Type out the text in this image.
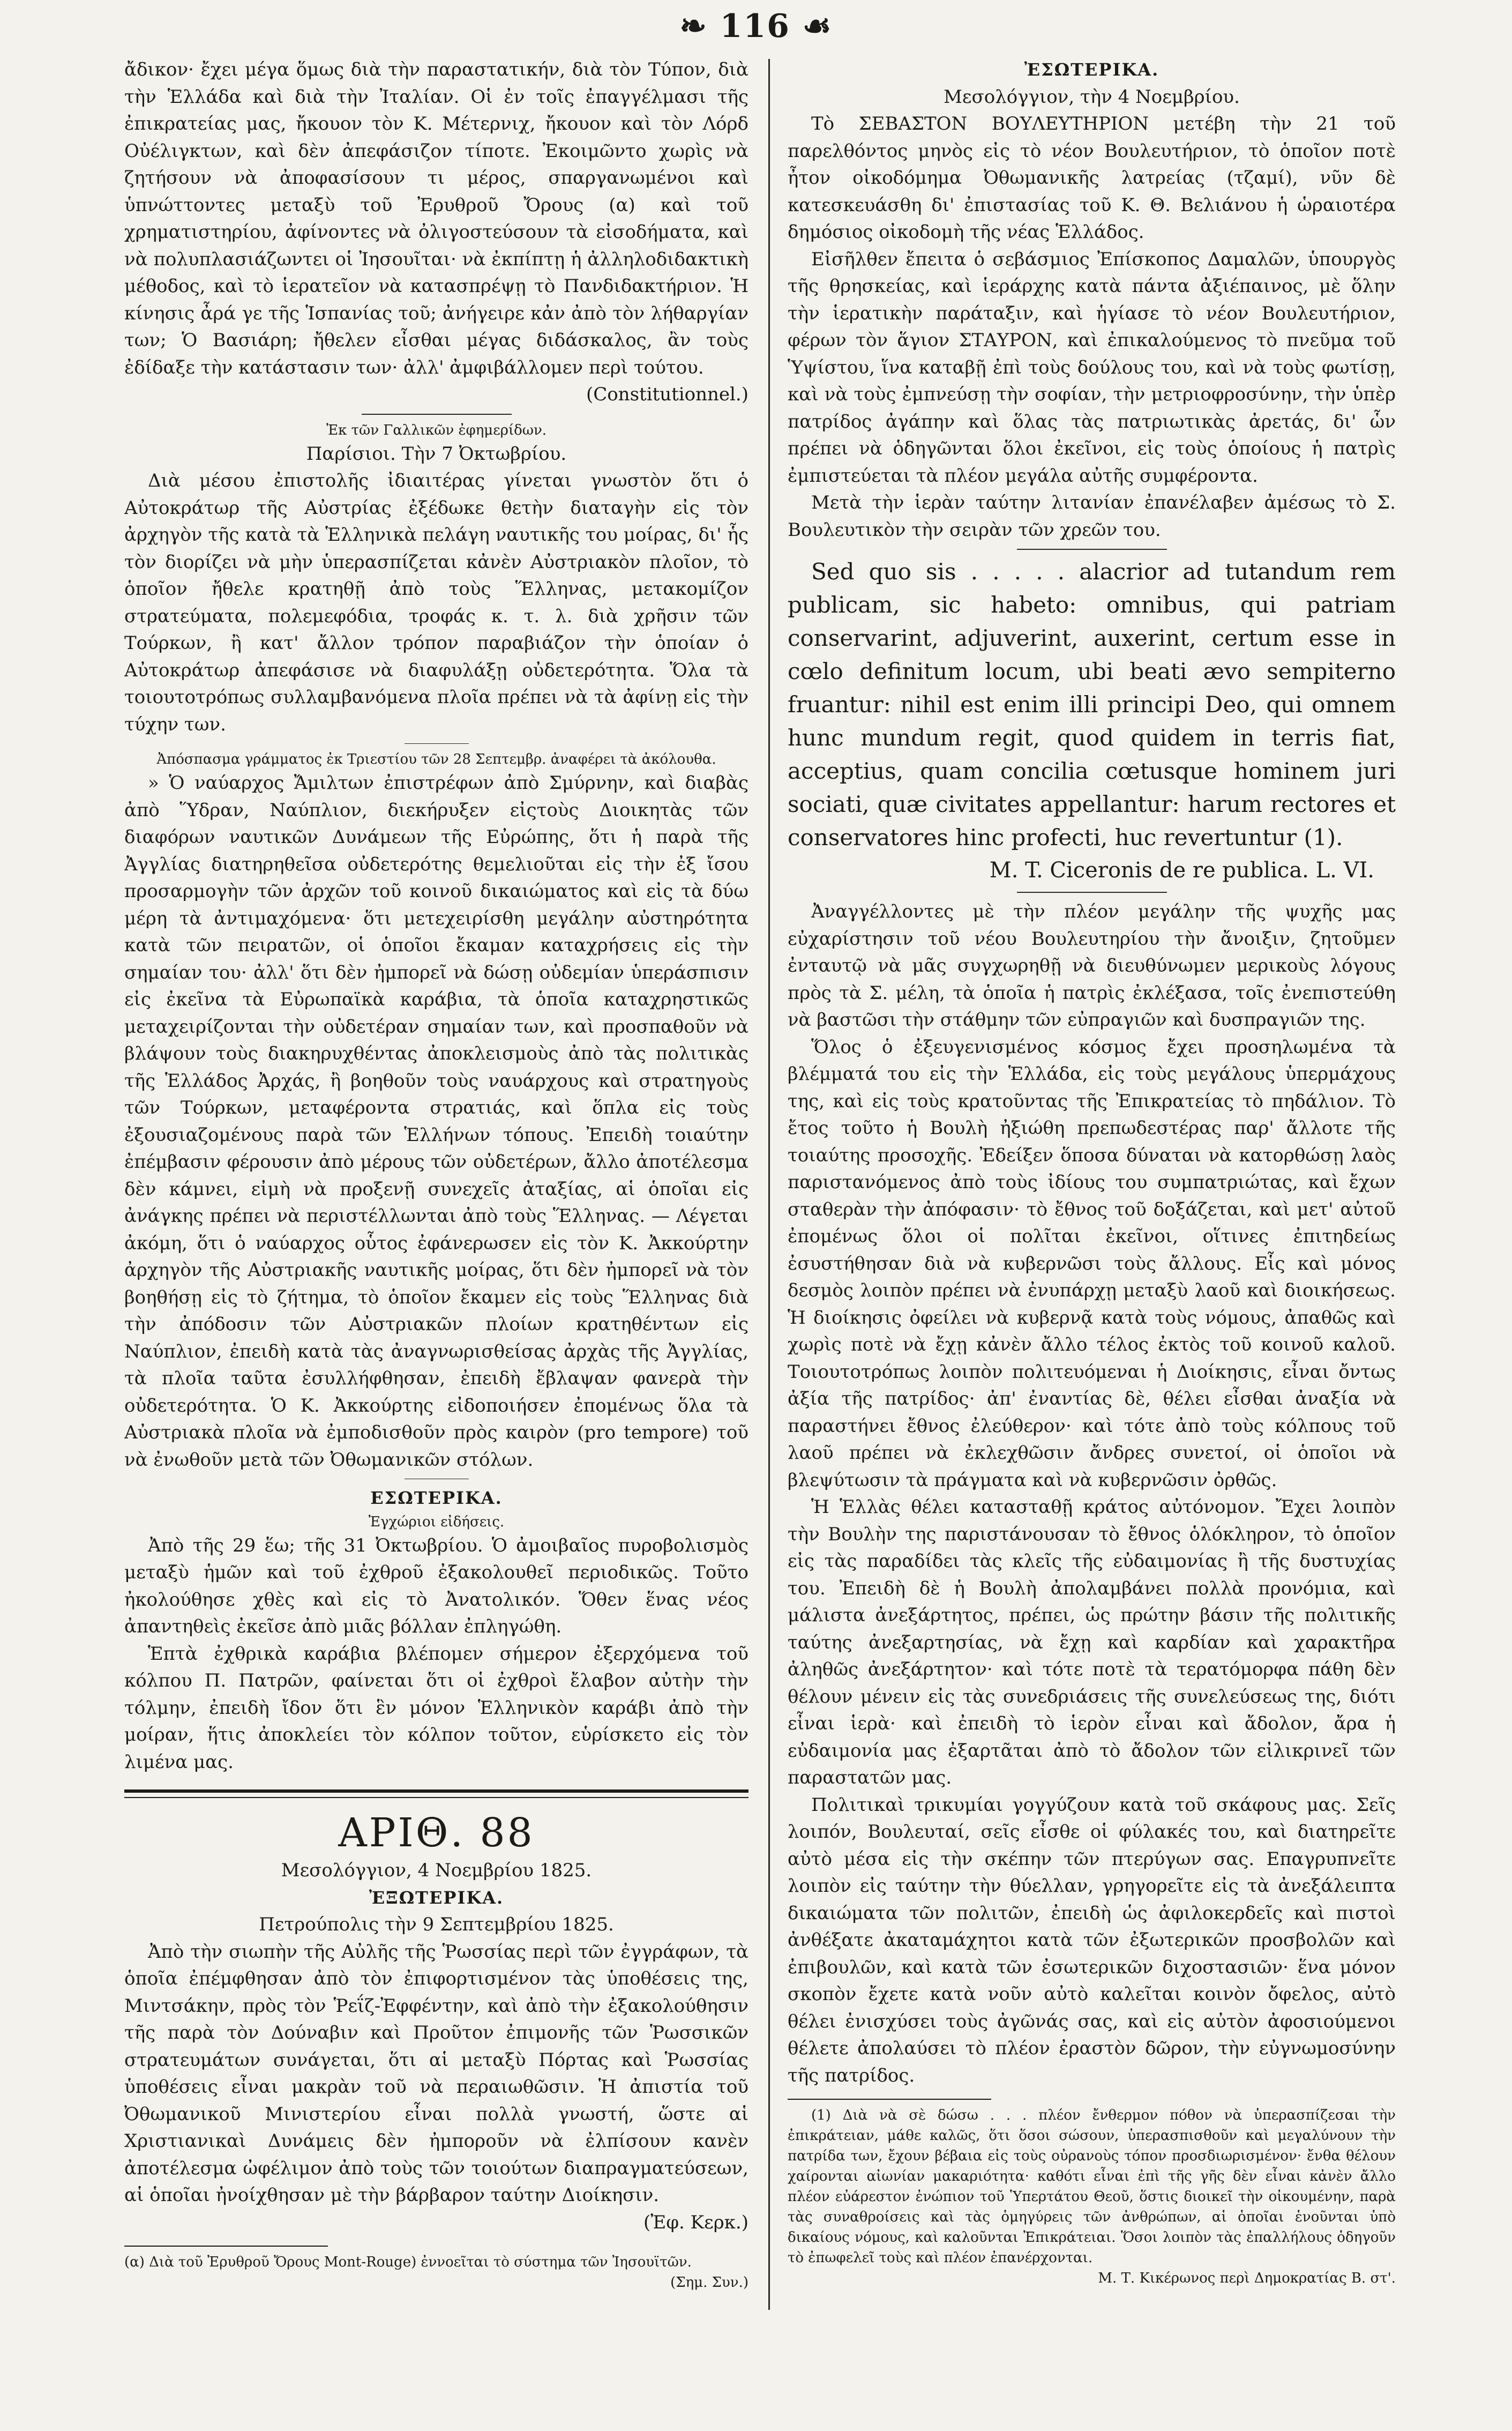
❧ 116 ☙

ἄδικον· ἔχει μέγα ὅμως διὰ τὴν παραστατικήν, διὰ τὸν Τύπον, διὰ τὴν Ἑλλάδα καὶ διὰ τὴν Ἰταλίαν. Οἱ ἐν τοῖς ἐπαγγέλμασι τῆς ἐπικρατείας μας, ἤκουον τὸν Κ. Μέτερνιχ, ἤκουον καὶ τὸν Λόρδ Οὐέλιγκτων, καὶ δὲν ἀπεφάσιζον τίποτε. Ἐκοιμῶντο χωρὶς νὰ ζητήσουν νὰ ἀποφασίσουν τι μέρος, σπαργανωμένοι καὶ ὑπνώττοντες μεταξὺ τοῦ Ἐρυθροῦ Ὄρους (α) καὶ τοῦ χρηματιστηρίου, ἀφίνοντες νὰ ὀλιγοστεύσουν τὰ εἰσοδήματα, καὶ νὰ πολυπλασιάζωντει οἱ Ἰησουῖται· νὰ ἐκπίπτῃ ἡ ἀλληλοδιδακτικὴ μέθοδος, καὶ τὸ ἱερατεῖον νὰ κατασπρέψῃ τὸ Πανδιδακτήριον. Ἡ κίνησις ἆρά γε τῆς Ἱσπανίας τοῦ; ἀνήγειρε κἀν ἀπὸ τὸν λήθαργίαν των; Ὁ Βασιάρη; ἤθελεν εἶσθαι μέγας διδάσκαλος, ἂν τοὺς ἐδίδαξε τὴν κατάστασιν των· ἀλλ' ἀμφιβάλλομεν περὶ τούτου.

(Constitutionnel.)

Ἐκ τῶν Γαλλικῶν ἐφημερίδων.

Παρίσιοι. Τὴν 7 Ὀκτωβρίου.

Διὰ μέσου ἐπιστολῆς ἰδιαιτέρας γίνεται γνωστὸν ὅτι ὁ Αὐτοκράτωρ τῆς Αὐστρίας ἐξέδωκε θετὴν διαταγὴν εἰς τὸν ἀρχηγὸν τῆς κατὰ τὰ Ἑλληνικὰ πελάγη ναυτικῆς του μοίρας, δι' ἧς τὸν διορίζει νὰ μὴν ὑπερασπίζεται κἀνὲν Αὐστριακὸν πλοῖον, τὸ ὁποῖον ἤθελε κρατηθῇ ἀπὸ τοὺς Ἕλληνας, μετακομίζον στρατεύματα, πολεμεφόδια, τροφάς κ. τ. λ. διὰ χρῆσιν τῶν Τούρκων, ἢ κατ' ἄλλον τρόπον παραβιάζον τὴν ὁποίαν ὁ Αὐτοκράτωρ ἀπεφάσισε νὰ διαφυλάξῃ οὐδετερότητα. Ὅλα τὰ τοιουτοτρόπως συλλαμβανόμενα πλοῖα πρέπει νὰ τὰ ἀφίνῃ εἰς τὴν τύχην των.

Ἀπόσπασμα γράμματος ἐκ Τριεστίου τῶν 28 Σεπτεμβρ. ἀναφέρει τὰ ἀκόλουθα.

» Ὁ ναύαρχος Ἄμιλτων ἐπιστρέφων ἀπὸ Σμύρνην, καὶ διαβὰς ἀπὸ Ὕδραν, Ναύπλιον, διεκήρυξεν εἰςτοὺς Διοικητὰς τῶν διαφόρων ναυτικῶν Δυνάμεων τῆς Εὐρώπης, ὅτι ἡ παρὰ τῆς Ἀγγλίας διατηρηθεῖσα οὐδετερότης θεμελιοῦται εἰς τὴν ἐξ ἴσου προσαρμογὴν τῶν ἀρχῶν τοῦ κοινοῦ δικαιώματος καὶ εἰς τὰ δύω μέρη τὰ ἀντιμαχόμενα· ὅτι μετεχειρίσθη μεγάλην αὐστηρότητα κατὰ τῶν πειρατῶν, οἱ ὁποῖοι ἔκαμαν καταχρήσεις εἰς τὴν σημαίαν του· ἀλλ' ὅτι δὲν ἠμπορεῖ νὰ δώσῃ οὐδεμίαν ὑπεράσπισιν εἰς ἐκεῖνα τὰ Εὐρωπαϊκὰ καράβια, τὰ ὁποῖα καταχρηστικῶς μεταχειρίζονται τὴν οὐδετέραν σημαίαν των, καὶ προσπαθοῦν νὰ βλάψουν τοὺς διακηρυχθέντας ἀποκλεισμοὺς ἀπὸ τὰς πολιτικὰς τῆς Ἑλλάδος Ἀρχάς, ἢ βοηθοῦν τοὺς ναυάρχους καὶ στρατηγοὺς τῶν Τούρκων, μεταφέροντα στρατιάς, καὶ ὅπλα εἰς τοὺς ἐξουσιαζομένους παρὰ τῶν Ἑλλήνων τόπους. Ἐπειδὴ τοιαύτην ἐπέμβασιν φέρουσιν ἀπὸ μέρους τῶν οὐδετέρων, ἄλλο ἀποτέλεσμα δὲν κάμνει, εἰμὴ νὰ προξενῇ συνεχεῖς ἀταξίας, αἱ ὁποῖαι εἰς ἀνάγκης πρέπει νὰ περιστέλλωνται ἀπὸ τοὺς Ἕλληνας. — Λέγεται ἀκόμη, ὅτι ὁ ναύαρχος οὗτος ἐφάνερωσεν εἰς τὸν Κ. Ἀκκούρτην ἀρχηγὸν τῆς Αὐστριακῆς ναυτικῆς μοίρας, ὅτι δὲν ἠμπορεῖ νὰ τὸν βοηθήσῃ εἰς τὸ ζήτημα, τὸ ὁποῖον ἔκαμεν εἰς τοὺς Ἕλληνας διὰ τὴν ἀπόδοσιν τῶν Αὐστριακῶν πλοίων κρατηθέντων εἰς Ναύπλιον, ἐπειδὴ κατὰ τὰς ἀναγνωρισθείσας ἀρχὰς τῆς Ἀγγλίας, τὰ πλοῖα ταῦτα ἐσυλλήφθησαν, ἐπειδὴ ἔβλαψαν φανερὰ τὴν οὐδετερότητα. Ὁ Κ. Ἀκκούρτης εἰδοποιήσεν ἐπομένως ὅλα τὰ Αὐστριακὰ πλοῖα νὰ ἐμποδισθοῦν πρὸς καιρὸν (pro tempore) τοῦ νὰ ἐνωθοῦν μετὰ τῶν Ὀθωμανικῶν στόλων.

ΕΣΩΤΕΡΙΚΑ.

Ἐγχώριοι εἰδήσεις.

Ἀπὸ τῆς 29 ἕω; τῆς 31 Ὀκτωβρίου. Ὁ ἀμοιβαῖος πυροβολισμὸς μεταξὺ ἡμῶν καὶ τοῦ ἐχθροῦ ἐξακολουθεῖ περιοδικῶς. Τοῦτο ἠκολούθησε χθὲς καὶ εἰς τὸ Ἀνατολικόν. Ὅθεν ἕνας νέος ἀπαντηθεὶς ἐκεῖσε ἀπὸ μιᾶς βόλλαν ἐπληγώθη.

Ἑπτὰ ἐχθρικὰ καράβια βλέπομεν σήμερον ἐξερχόμενα τοῦ κόλπου Π. Πατρῶν, φαίνεται ὅτι οἱ ἐχθροὶ ἔλαβον αὐτὴν τὴν τόλμην, ἐπειδὴ ἴδον ὅτι ἓν μόνον Ἑλληνικὸν καράβι ἀπὸ τὴν μοίραν, ἥτις ἀποκλείει τὸν κόλπον τοῦτον, εὑρίσκετο εἰς τὸν λιμένα μας.

ΑΡΙΘ. 88

Μεσολόγγιον, 4 Νοεμβρίου 1825.

ἘΞΩΤΕΡΙΚΑ.

Πετρούπολις τὴν 9 Σεπτεμβρίου 1825.

Ἀπὸ τὴν σιωπὴν τῆς Αὐλῆς τῆς Ῥωσσίας περὶ τῶν ἐγγράφων, τὰ ὁποῖα ἐπέμφθησαν ἀπὸ τὸν ἐπιφορτισμένον τὰς ὑποθέσεις της, Μιντσάκην, πρὸς τὸν Ῥεΐζ-Ἐφφέντην, καὶ ἀπὸ τὴν ἐξακολούθησιν τῆς παρὰ τὸν Δούναβιν καὶ Προῦτον ἐπιμονῆς τῶν Ῥωσσικῶν στρατευμάτων συνάγεται, ὅτι αἱ μεταξὺ Πόρτας καὶ Ῥωσσίας ὑποθέσεις εἶναι μακρὰν τοῦ νὰ περαιωθῶσιν. Ἡ ἀπιστία τοῦ Ὀθωμανικοῦ Μινιστερίου εἶναι πολλὰ γνωστή, ὥστε αἱ Χριστιανικαὶ Δυνάμεις δὲν ἠμποροῦν νὰ ἐλπίσουν κανὲν ἀποτέλεσμα ὠφέλιμον ἀπὸ τοὺς τῶν τοιούτων διαπραγματεύσεων, αἱ ὁποῖαι ἠνοίχθησαν μὲ τὴν βάρβαρον ταύτην Διοίκησιν.

(Ἐφ. Κερκ.)

(α) Διὰ τοῦ Ἐρυθροῦ Ὄρους Mont-Rouge) ἐννοεῖται τὸ σύστημα τῶν Ἰησουϊτῶν.

(Σημ. Συν.)

ἘΣΩΤΕΡΙΚΑ.

Μεσολόγγιον, τὴν 4 Νοεμβρίου.

Τὸ ΣΕΒΑΣΤΟΝ ΒΟΥΛΕΥΤΗΡΙΟΝ μετέβη τὴν 21 τοῦ παρελθόντος μηνὸς εἰς τὸ νέον Βουλευτήριον, τὸ ὁποῖον ποτὲ ἦτον οἰκοδόμημα Ὀθωμανικῆς λατρείας (τζαμί), νῦν δὲ κατεσκευάσθη δι' ἐπιστασίας τοῦ Κ. Θ. Βελιάνου ἡ ὡραιοτέρα δημόσιος οἰκοδομὴ τῆς νέας Ἑλλάδος.

Εἰσῆλθεν ἔπειτα ὁ σεβάσμιος Ἐπίσκοπος Δαμαλῶν, ὑπουργὸς τῆς θρησκείας, καὶ ἱεράρχης κατὰ πάντα ἀξιέπαινος, μὲ ὅλην τὴν ἱερατικὴν παράταξιν, καὶ ἡγίασε τὸ νέον Βουλευτήριον, φέρων τὸν ἅγιον ΣΤΑΥΡΟΝ, καὶ ἐπικαλούμενος τὸ πνεῦμα τοῦ Ὑψίστου, ἵνα καταβῇ ἐπὶ τοὺς δούλους του, καὶ νὰ τοὺς φωτίσῃ, καὶ νὰ τοὺς ἐμπνεύσῃ τὴν σοφίαν, τὴν μετριοφροσύνην, τὴν ὑπὲρ πατρίδος ἀγάπην καὶ ὅλας τὰς πατριωτικὰς ἀρετάς, δι' ὧν πρέπει νὰ ὁδηγῶνται ὅλοι ἐκεῖνοι, εἰς τοὺς ὁποίους ἡ πατρὶς ἐμπιστεύεται τὰ πλέον μεγάλα αὐτῆς συμφέροντα.

Μετὰ τὴν ἱερὰν ταύτην λιτανίαν ἐπανέλαβεν ἀμέσως τὸ Σ. Βουλευτικὸν τὴν σειρὰν τῶν χρεῶν του.

Sed quo sis . . . . . alacrior ad tutandum rem publicam, sic habeto: omnibus, qui patriam conservarint, adjuverint, auxerint, certum esse in cœlo definitum locum, ubi beati ævo sempiterno fruantur: nihil est enim illi principi Deo, qui omnem hunc mundum regit, quod quidem in terris fiat, acceptius, quam concilia cœtusque hominem juri sociati, quæ civitates appellantur: harum rectores et conservatores hinc profecti, huc revertuntur (1).

M. T. Ciceronis de re publica. L. VI.

Ἀναγγέλλοντες μὲ τὴν πλέον μεγάλην τῆς ψυχῆς μας εὐχαρίστησιν τοῦ νέου Βουλευτηρίου τὴν ἄνοιξιν, ζητοῦμεν ἐνταυτῷ νὰ μᾶς συγχωρηθῇ νὰ διευθύνωμεν μερικοὺς λόγους πρὸς τὰ Σ. μέλη, τὰ ὁποῖα ἡ πατρὶς ἐκλέξασα, τοῖς ἐνεπιστεύθη νὰ βαστῶσι τὴν στάθμην τῶν εὐπραγιῶν καὶ δυσπραγιῶν της.

Ὅλος ὁ ἐξευγενισμένος κόσμος ἔχει προσηλωμένα τὰ βλέμματά του εἰς τὴν Ἑλλάδα, εἰς τοὺς μεγάλους ὑπερμάχους της, καὶ εἰς τοὺς κρατοῦντας τῆς Ἐπικρατείας τὸ πηδάλιον. Τὸ ἔτος τοῦτο ἡ Βουλὴ ἠξιώθη πρεπωδεστέρας παρ' ἄλλοτε τῆς τοιαύτης προσοχῆς. Ἐδείξεν ὅποσα δύναται νὰ κατορθώσῃ λαὸς παριστανόμενος ἀπὸ τοὺς ἰδίους του συμπατριώτας, καὶ ἔχων σταθερὰν τὴν ἀπόφασιν· τὸ ἔθνος τοῦ δοξάζεται, καὶ μετ' αὐτοῦ ἐπομένως ὅλοι οἱ πολῖται ἐκεῖνοι, οἵτινες ἐπιτηδείως ἐσυστήθησαν διὰ νὰ κυβερνῶσι τοὺς ἄλλους. Εἷς καὶ μόνος δεσμὸς λοιπὸν πρέπει νὰ ἐνυπάρχῃ μεταξὺ λαοῦ καὶ διοικήσεως. Ἡ διοίκησις ὀφείλει νὰ κυβερνᾷ κατὰ τοὺς νόμους, ἀπαθῶς καὶ χωρὶς ποτὲ νὰ ἔχῃ κἀνὲν ἄλλο τέλος ἐκτὸς τοῦ κοινοῦ καλοῦ. Τοιουτοτρόπως λοιπὸν πολιτευόμεναι ἡ Διοίκησις, εἶναι ὄντως ἀξία τῆς πατρίδος· ἀπ' ἐναντίας δὲ, θέλει εἶσθαι ἀναξία νὰ παραστήνει ἔθνος ἐλεύθερον· καὶ τότε ἀπὸ τοὺς κόλπους τοῦ λαοῦ πρέπει νὰ ἐκλεχθῶσιν ἄνδρες συνετοί, οἱ ὁποῖοι νὰ βλεψύτωσιν τὰ πράγματα καὶ νὰ κυβερνῶσιν ὀρθῶς.

Ἡ Ἑλλὰς θέλει κατασταθῇ κράτος αὐτόνομον. Ἔχει λοιπὸν τὴν Βουλὴν της παριστάνουσαν τὸ ἔθνος ὁλόκληρον, τὸ ὁποῖον εἰς τὰς παραδίδει τὰς κλεῖς τῆς εὐδαιμονίας ἢ τῆς δυστυχίας του. Ἐπειδὴ δὲ ἡ Βουλὴ ἀπολαμβάνει πολλὰ προνόμια, καὶ μάλιστα ἀνεξάρτητος, πρέπει, ὡς πρώτην βάσιν τῆς πολιτικῆς ταύτης ἀνεξαρτησίας, νὰ ἔχῃ καὶ καρδίαν καὶ χαρακτῆρα ἀληθῶς ἀνεξάρτητον· καὶ τότε ποτὲ τὰ τερατόμορφα πάθη δὲν θέλουν μένειν εἰς τὰς συνεδριάσεις τῆς συνελεύσεως της, διότι εἶναι ἱερὰ· καὶ ἐπειδὴ τὸ ἱερὸν εἶναι καὶ ἄδολον, ἄρα ἡ εὐδαιμονία μας ἐξαρτᾶται ἀπὸ τὸ ἄδολον τῶν εἰλικρινεῖ τῶν παραστατῶν μας.

Πολιτικαὶ τρικυμίαι γογγύζουν κατὰ τοῦ σκάφους μας. Σεῖς λοιπόν, Βουλευταί, σεῖς εἶσθε οἱ φύλακές του, καὶ διατηρεῖτε αὐτὸ μέσα εἰς τὴν σκέπην τῶν πτερύγων σας. Επαγρυπνεῖτε λοιπὸν εἰς ταύτην τὴν θύελλαν, γρηγορεῖτε εἰς τὰ ἀνεξάλειπτα δικαιώματα τῶν πολιτῶν, ἐπειδὴ ὡς ἀφιλοκερδεῖς καὶ πιστοὶ ἀνθέξατε ἀκαταμάχητοι κατὰ τῶν ἐξωτερικῶν προσβολῶν καὶ ἐπιβουλῶν, καὶ κατὰ τῶν ἐσωτερικῶν διχοστασιῶν· ἕνα μόνον σκοπὸν ἔχετε κατὰ νοῦν αὐτὸ καλεῖται κοινὸν ὄφελος, αὐτὸ θέλει ἐνισχύσει τοὺς ἀγῶνάς σας, καὶ εἰς αὐτὸν ἀφοσιούμενοι θέλετε ἀπολαύσει τὸ πλέον ἐραστὸν δῶρον, τὴν εὐγνωμοσύνην τῆς πατρίδος.

(1) Διὰ νὰ σὲ δώσω . . . πλέον ἔνθερμον πόθον νὰ ὑπερασπίζεσαι τὴν ἐπικράτειαν, μάθε καλῶς, ὅτι ὅσοι σώσουν, ὑπερασπισθοῦν καὶ μεγαλύνουν τὴν πατρίδα των, ἔχουν βέβαια εἰς τοὺς οὐρανοὺς τόπον προσδιωρισμένον· ἔνθα θέλουν χαίρονται αἰωνίαν μακαριότητα· καθότι εἶναι ἐπὶ τῆς γῆς δὲν εἶναι κἀνὲν ἄλλο πλέον εὐάρεστον ἐνώπιον τοῦ Ὑπερτάτου Θεοῦ, ὅστις διοικεῖ τὴν οἰκουμένην, παρὰ τὰς συναθροίσεις καὶ τὰς ὁμηγύρεις τῶν ἀνθρώπων, αἱ ὁποῖαι ἑνοῦνται ὑπὸ δικαίους νόμους, καὶ καλοῦνται Ἐπικράτειαι. Ὅσοι λοιπὸν τὰς ἐπαλλήλους ὁδηγοῦν τὸ ἐπωφελεῖ τοὺς καὶ πλέον ἐπανέρχονται.

Μ. Τ. Κικέρωνος περὶ Δημοκρατίας Β. στ'.
